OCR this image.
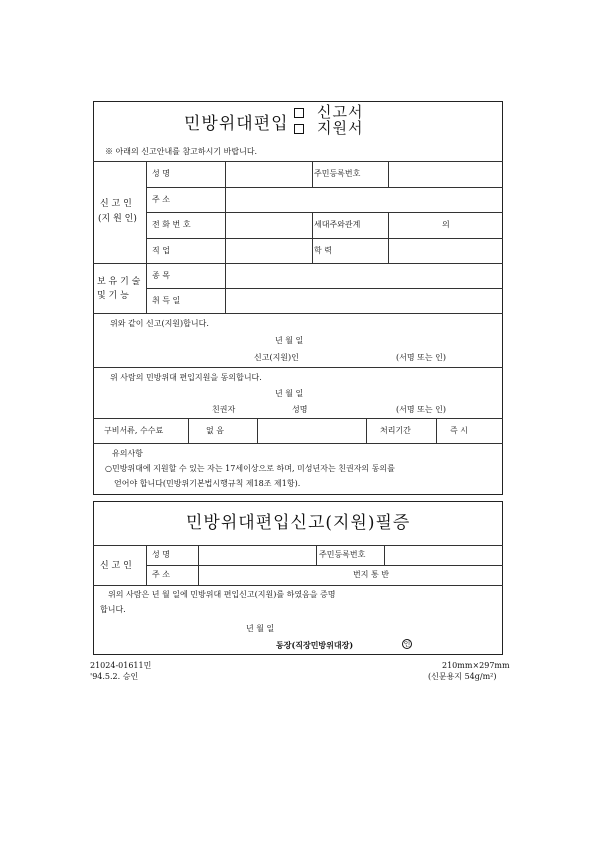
민방위대편입
신고서
지원서
※ 아래의 신고안내를 참고하시기 바랍니다.
신 고 인
(지 원 인)
성 명	주민등록번호
주 소
전 화 번 호	세대주와관계	의
직 업	학 력
보 유 기 술
및 기 능
종 목
취 득 일
위와 같이 신고(지원)합니다.
년 월 일
신고(지원)인	(서명 또는 인)
위 사람의 민방위대 편입지원을 동의합니다.
년 월 일
친권자	성명	(서명 또는 인)
구비서류, 수수료	없 음	처리기간	즉 시
유의사항
○민방위대에 지원할 수 있는 자는 17세이상으로 하며, 미성년자는 친권자의 동의를
얻어야 합니다(민방위기본법시행규칙 제18조 제1항).
민방위대편입신고(지원)필증
신 고 인
성 명	주민등록번호
주 소	번지 통 반
위의 사람은 년 월 일에 민방위대 편입신고(지원)를 하였음을 증명
합니다.
년 월 일
동장(직장민방위대장)	인
21024-01611민
'94.5.2. 승인
210mm×297mm
(신문용지 54g/m²)
